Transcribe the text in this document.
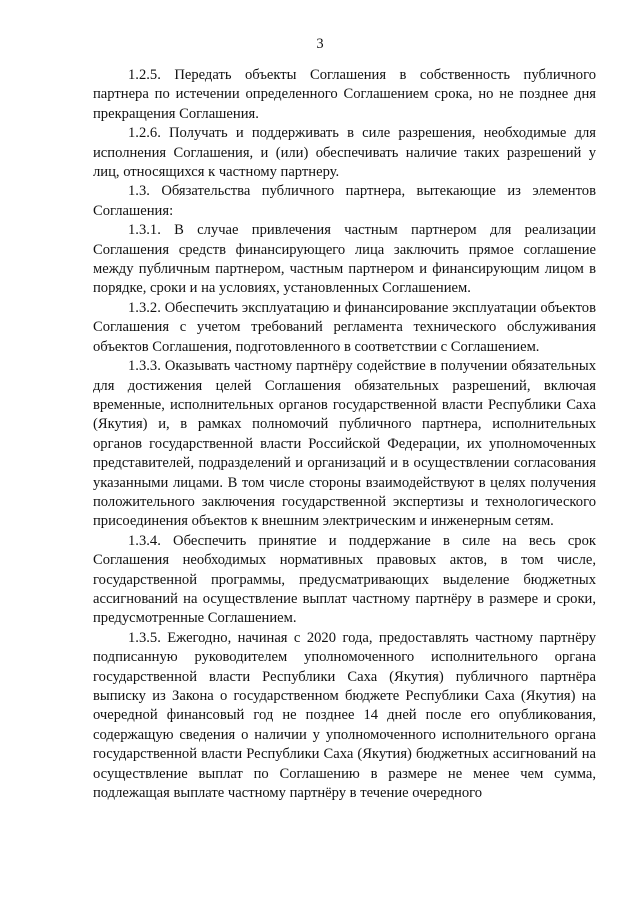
3

1.2.5. Передать объекты Соглашения в собственность публичного партнера по истечении определенного Соглашением срока, но не позднее дня прекращения Соглашения.

1.2.6. Получать и поддерживать в силе разрешения, необходимые для исполнения Соглашения, и (или) обеспечивать наличие таких разрешений у лиц, относящихся к частному партнеру.

1.3. Обязательства публичного партнера, вытекающие из элементов Соглашения:

1.3.1. В случае привлечения частным партнером для реализации Соглашения средств финансирующего лица заключить прямое соглашение между публичным партнером, частным партнером и финансирующим лицом в порядке, сроки и на условиях, установленных Соглашением.

1.3.2. Обеспечить эксплуатацию и финансирование эксплуатации объектов Соглашения с учетом требований регламента технического обслуживания объектов Соглашения, подготовленного в соответствии с Соглашением.

1.3.3. Оказывать частному партнёру содействие в получении обязательных для достижения целей Соглашения обязательных разрешений, включая временные, исполнительных органов государственной власти Республики Саха (Якутия) и, в рамках полномочий публичного партнера, исполнительных органов государственной власти Российской Федерации, их уполномоченных представителей, подразделений и организаций и в осуществлении согласования указанными лицами. В том числе стороны взаимодействуют в целях получения положительного заключения государственной экспертизы и технологического присоединения объектов к внешним электрическим и инженерным сетям.

1.3.4. Обеспечить принятие и поддержание в силе на весь срок Соглашения необходимых нормативных правовых актов, в том числе, государственной программы, предусматривающих выделение бюджетных ассигнований на осуществление выплат частному партнёру в размере и сроки, предусмотренные Соглашением.

1.3.5. Ежегодно, начиная с 2020 года, предоставлять частному партнёру подписанную руководителем уполномоченного исполнительного органа государственной власти Республики Саха (Якутия) публичного партнёра выписку из Закона о государственном бюджете Республики Саха (Якутия) на очередной финансовый год не позднее 14 дней после его опубликования, содержащую сведения о наличии у уполномоченного исполнительного органа государственной власти Республики Саха (Якутия) бюджетных ассигнований на осуществление выплат по Соглашению в размере не менее чем сумма, подлежащая выплате частному партнёру в течение очередного
